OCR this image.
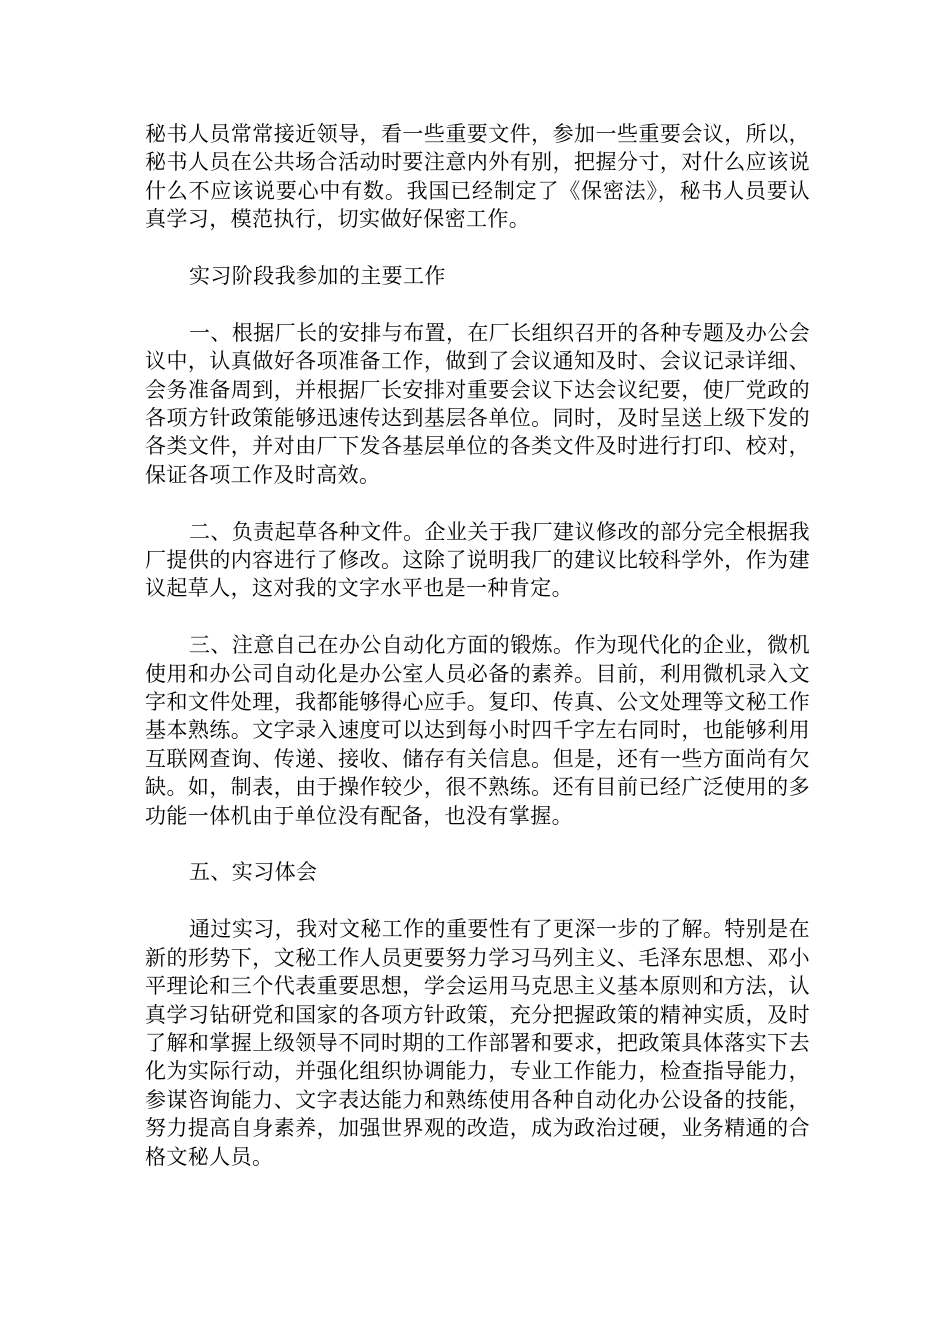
秘书人员常常接近领导，看一些重要文件，参加一些重要会议，所以，秘书人员在公共场合活动时要注意内外有别，把握分寸，对什么应该说什么不应该说要心中有数。我国已经制定了《保密法》，秘书人员要认真学习，模范执行，切实做好保密工作。

实习阶段我参加的主要工作

一、根据厂长的安排与布置，在厂长组织召开的各种专题及办公会议中，认真做好各项准备工作，做到了会议通知及时、会议记录详细、会务准备周到，并根据厂长安排对重要会议下达会议纪要，使厂党政的各项方针政策能够迅速传达到基层各单位。同时，及时呈送上级下发的各类文件，并对由厂下发各基层单位的各类文件及时进行打印、校对，保证各项工作及时高效。

二、负责起草各种文件。企业关于我厂建议修改的部分完全根据我厂提供的内容进行了修改。这除了说明我厂的建议比较科学外，作为建议起草人，这对我的文字水平也是一种肯定。

三、注意自己在办公自动化方面的锻炼。作为现代化的企业，微机使用和办公司自动化是办公室人员必备的素养。目前，利用微机录入文字和文件处理，我都能够得心应手。复印、传真、公文处理等文秘工作基本熟练。文字录入速度可以达到每小时四千字左右同时，也能够利用互联网查询、传递、接收、储存有关信息。但是，还有一些方面尚有欠缺。如，制表，由于操作较少，很不熟练。还有目前已经广泛使用的多功能一体机由于单位没有配备，也没有掌握。

五、实习体会

通过实习，我对文秘工作的重要性有了更深一步的了解。特别是在新的形势下，文秘工作人员更要努力学习马列主义、毛泽东思想、邓小平理论和三个代表重要思想，学会运用马克思主义基本原则和方法，认真学习钻研党和国家的各项方针政策，充分把握政策的精神实质，及时了解和掌握上级领导不同时期的工作部署和要求，把政策具体落实下去化为实际行动，并强化组织协调能力，专业工作能力，检查指导能力，参谋咨询能力、文字表达能力和熟练使用各种自动化办公设备的技能，努力提高自身素养，加强世界观的改造，成为政治过硬，业务精通的合格文秘人员。
